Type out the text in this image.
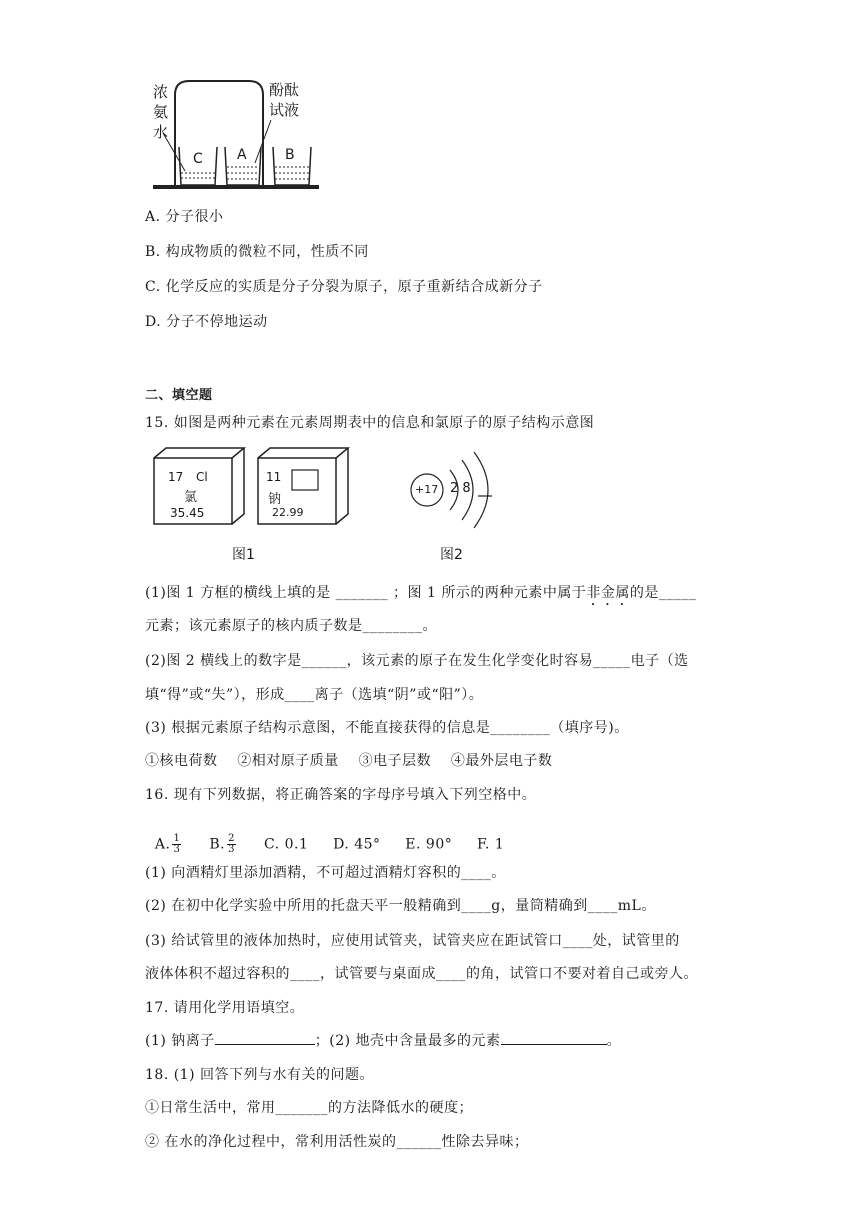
浓
氨
水
酚酞
试液
C A	B
A. 分子很小
B. 构成物质的微粒不同，性质不同
C. 化学反应的实质是分子分裂为原子，原子重新结合成新分子
D. 分子不停地运动
二、填空题
15. 如图是两种元素在元素周期表中的信息和氯原子的原子结构示意图
17 Cl
氯
35.45
11
钠
22.99
+17 2 8
图1	图2
(1)图 1 方框的横线上填的是 _______ ；图 1 所示的两种元素中属于非金属的是_____
元素；该元素原子的核内质子数是________。
(2)图 2 横线上的数字是______，该元素的原子在发生化学变化时容易_____电子（选
填“得”或“失”），形成____离子（选填“阴”或“阳”）。
(3) 根据元素原子结构示意图，不能直接获得的信息是________（填序号)。
①核电荷数    ②相对原子质量    ③电子层数    ④最外层电子数
16. 现有下列数据，将正确答案的字母序号填入下列空格中。

A. $\frac{1}{3} B$. $\frac{2}{3} C$. 0.1     D. 45°     E. 90°     F. 1

(1) 向酒精灯里添加酒精，不可超过酒精灯容积的____。
(2) 在初中化学实验中所用的托盘天平一般精确到____g，量筒精确到____mL。
(3) 给试管里的液体加热时，应使用试管夹，试管夹应在距试管口____处，试管里的
液体体积不超过容积的____，试管要与桌面成____的角，试管口不要对着自己或旁人。
17. 请用化学用语填空。
(1) 钠离子	；(2) 地壳中含量最多的元素	。
18. (1) 回答下列与水有关的问题。
①日常生活中，常用_______的方法降低水的硬度；
② 在水的净化过程中，常利用活性炭的______性除去异味；
